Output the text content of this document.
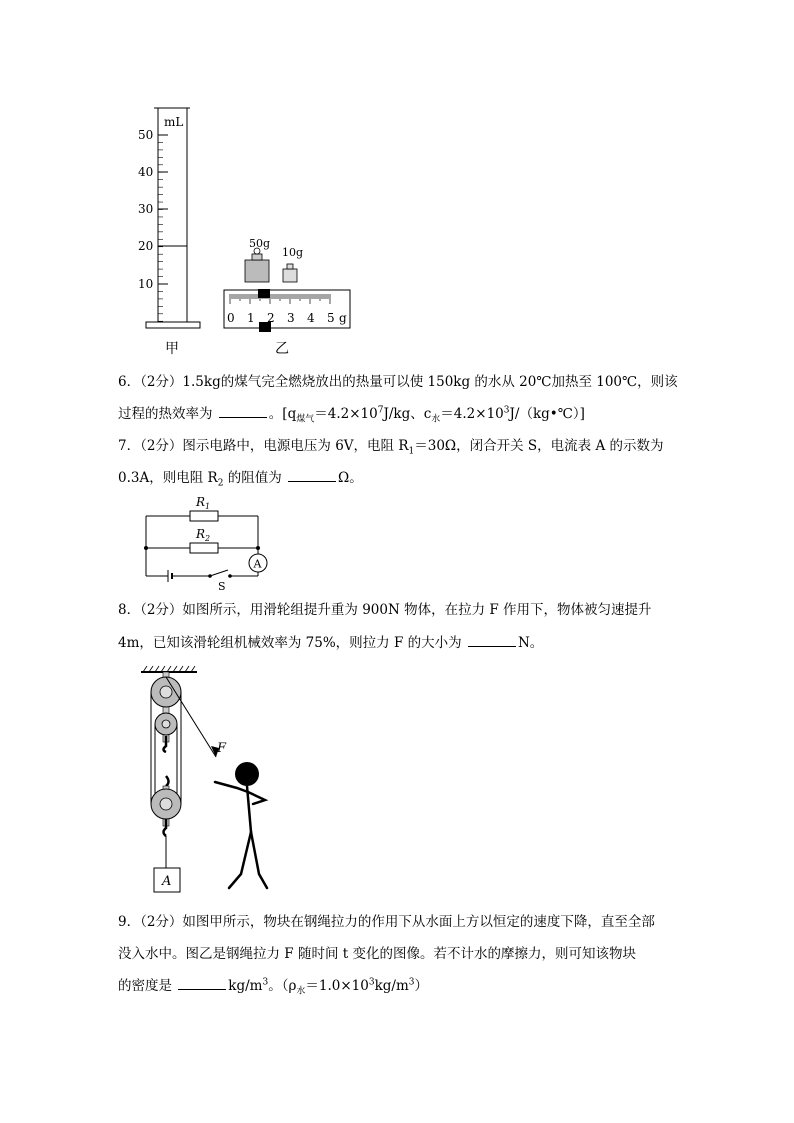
mL
50
40
30
20
10
甲
50g
10g
0 1 2 3 4 5 g
乙
6．（2分）1.5kg的煤气完全燃烧放出的热量可以使 150kg 的水从 20℃加热至 100℃，则该
过程的热效率为	。[$q_{煤气}=4.2\times 10^7J/kg$、$c_水=4.2\times 10^3J/(kg•℃)$]
7．（2分）图示电路中，电源电压为 6V，电阻 $R_1=30\Omega$，闭合开关 S，电流表 A 的示数为
0.3A，则电阻 $R_2$ 的阻值为	Ω。
$R_1$
$R_2$
A
S
8．（2分）如图所示，用滑轮组提升重为 900N 物体，在拉力 F 作用下，物体被匀速提升
4m，已知该滑轮组机械效率为 75%，则拉力 F 的大小为	N。
F
A
9．（2分）如图甲所示，物块在钢绳拉力的作用下从水面上方以恒定的速度下降，直至全部
没入水中。图乙是钢绳拉力 F 随时间 t 变化的图像。若不计水的摩擦力，则可知该物块
的密度是	$kg/m^3$。$(\rho_水=1.0\times 10^3kg/m^3)$
